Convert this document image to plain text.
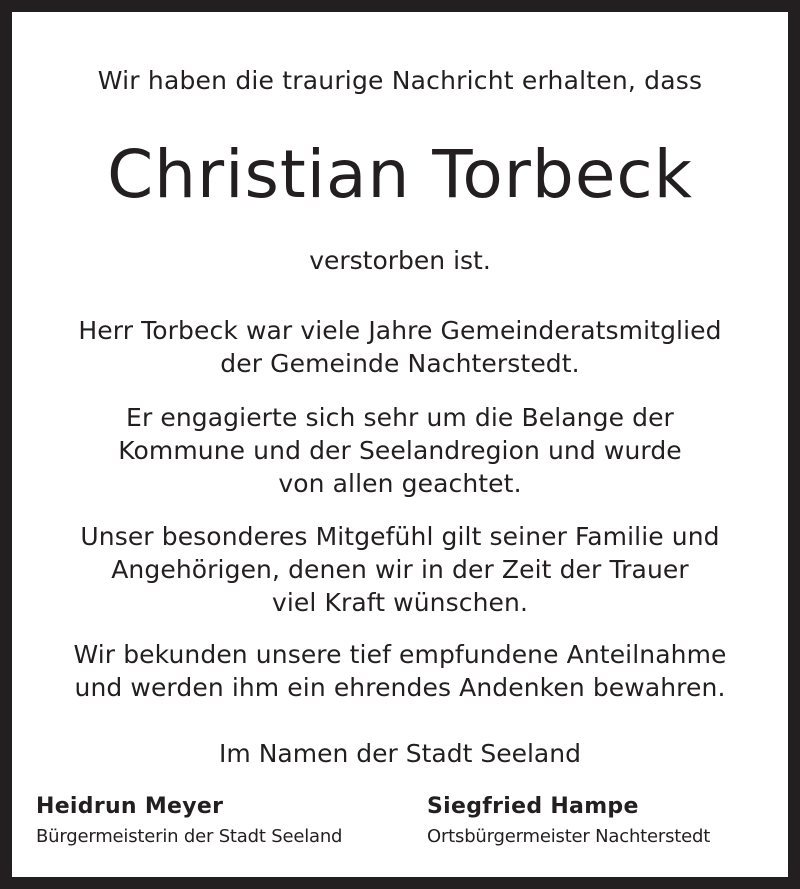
Wir haben die traurige Nachricht erhalten, dass
Christian Torbeck
verstorben ist.
Herr Torbeck war viele Jahre Gemeinderatsmitglied
der Gemeinde Nachterstedt.
Er engagierte sich sehr um die Belange der
Kommune und der Seelandregion und wurde
von allen geachtet.
Unser besonderes Mitgefühl gilt seiner Familie und
Angehörigen, denen wir in der Zeit der Trauer
viel Kraft wünschen.
Wir bekunden unsere tief empfundene Anteilnahme
und werden ihm ein ehrendes Andenken bewahren.
Im Namen der Stadt Seeland
Heidrun Meyer
Bürgermeisterin der Stadt Seeland
Siegfried Hampe
Ortsbürgermeister Nachterstedt
